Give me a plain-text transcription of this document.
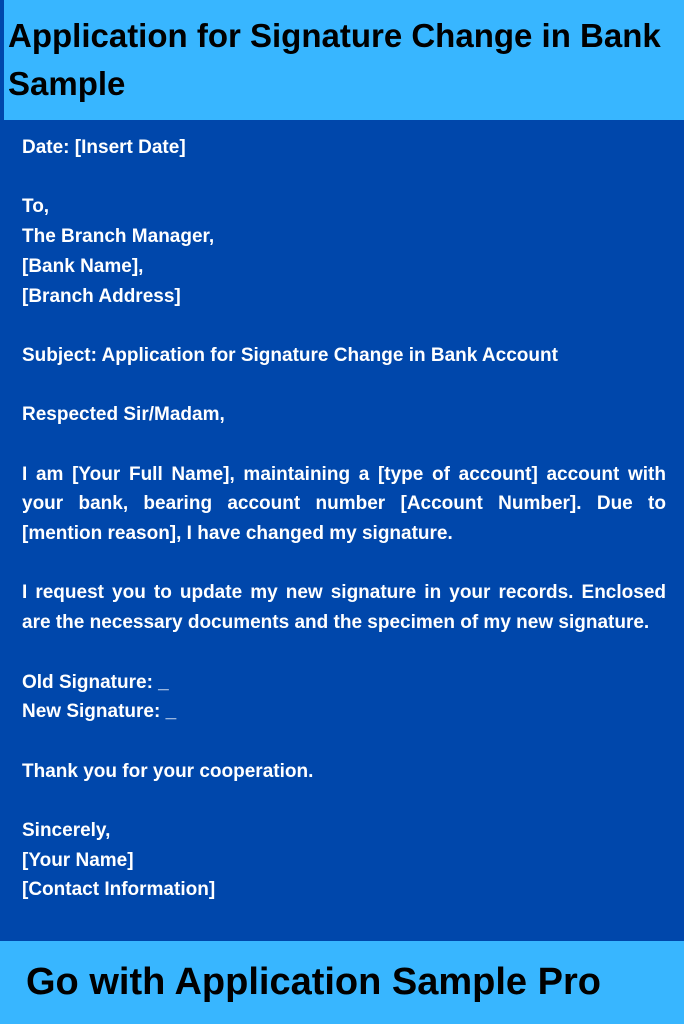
Application for Signature Change in Bank Sample

Date: [Insert Date]

To,
The Branch Manager,
[Bank Name],
[Branch Address]

Subject: Application for Signature Change in Bank Account

Respected Sir/Madam,

I am [Your Full Name], maintaining a [type of account] account with your bank, bearing account number [Account Number]. Due to [mention reason], I have changed my signature.

I request you to update my new signature in your records. Enclosed are the necessary documents and the specimen of my new signature.

Old Signature: _
New Signature: _

Thank you for your cooperation.

Sincerely,
[Your Name]
[Contact Information]

Go with Application Sample Pro
